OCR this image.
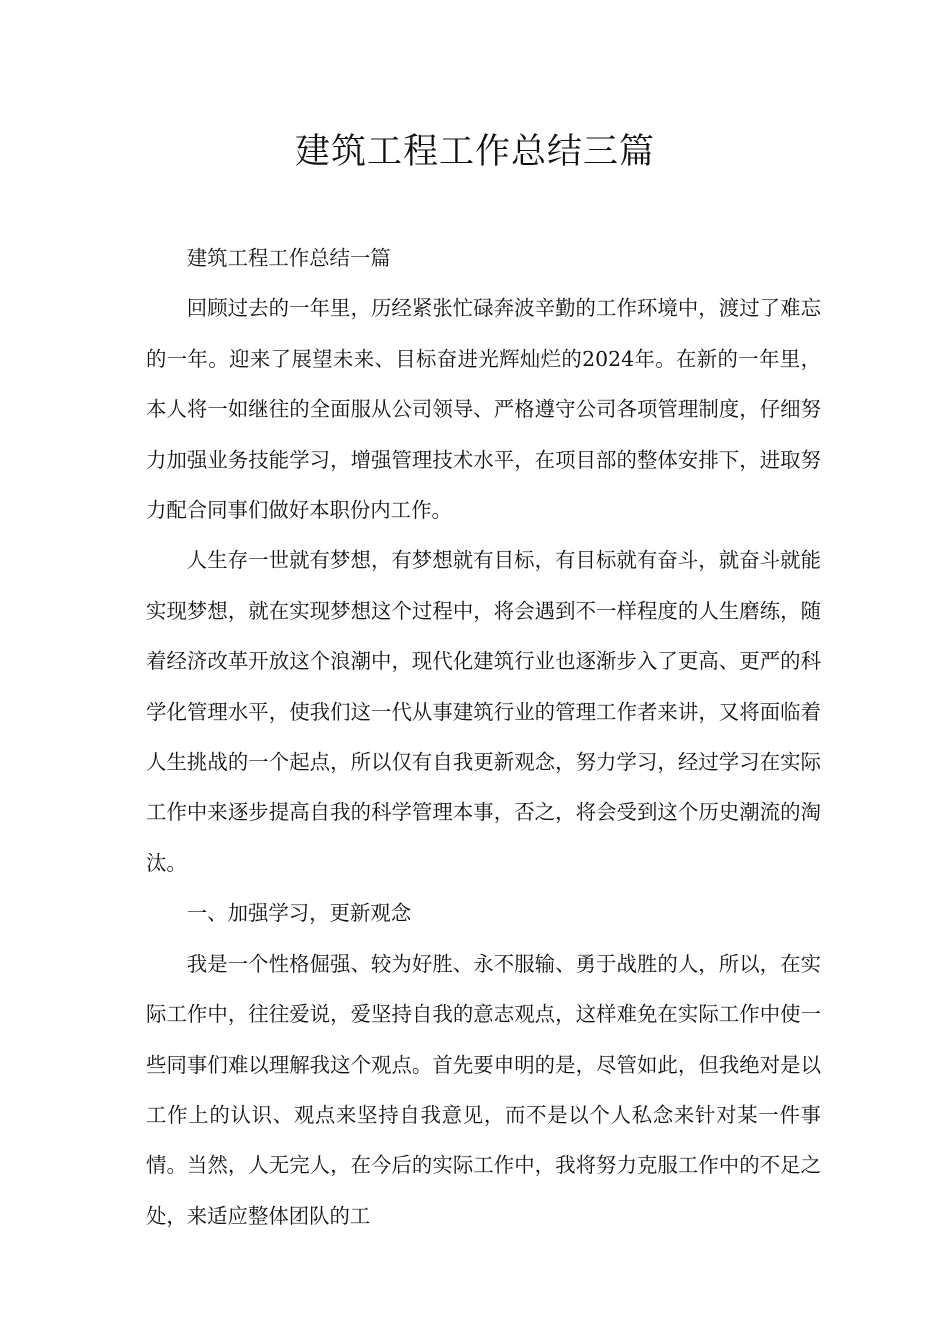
建筑工程工作总结三篇

建筑工程工作总结一篇

回顾过去的一年里，历经紧张忙碌奔波辛勤的工作环境中，渡过了难忘的一年。迎来了展望未来、目标奋进光辉灿烂的2024年。在新的一年里，本人将一如继往的全面服从公司领导、严格遵守公司各项管理制度，仔细努力加强业务技能学习，增强管理技术水平，在项目部的整体安排下，进取努力配合同事们做好本职份内工作。

人生存一世就有梦想，有梦想就有目标，有目标就有奋斗，就奋斗就能实现梦想，就在实现梦想这个过程中，将会遇到不一样程度的人生磨练，随着经济改革开放这个浪潮中，现代化建筑行业也逐渐步入了更高、更严的科学化管理水平，使我们这一代从事建筑行业的管理工作者来讲，又将面临着人生挑战的一个起点，所以仅有自我更新观念，努力学习，经过学习在实际工作中来逐步提高自我的科学管理本事，否之，将会受到这个历史潮流的淘汰。

一、加强学习，更新观念

我是一个性格倔强、较为好胜、永不服输、勇于战胜的人，所以，在实际工作中，往往爱说，爱坚持自我的意志观点，这样难免在实际工作中使一些同事们难以理解我这个观点。首先要申明的是，尽管如此，但我绝对是以工作上的认识、观点来坚持自我意见，而不是以个人私念来针对某一件事情。当然，人无完人，在今后的实际工作中，我将努力克服工作中的不足之处，来适应整体团队的工
